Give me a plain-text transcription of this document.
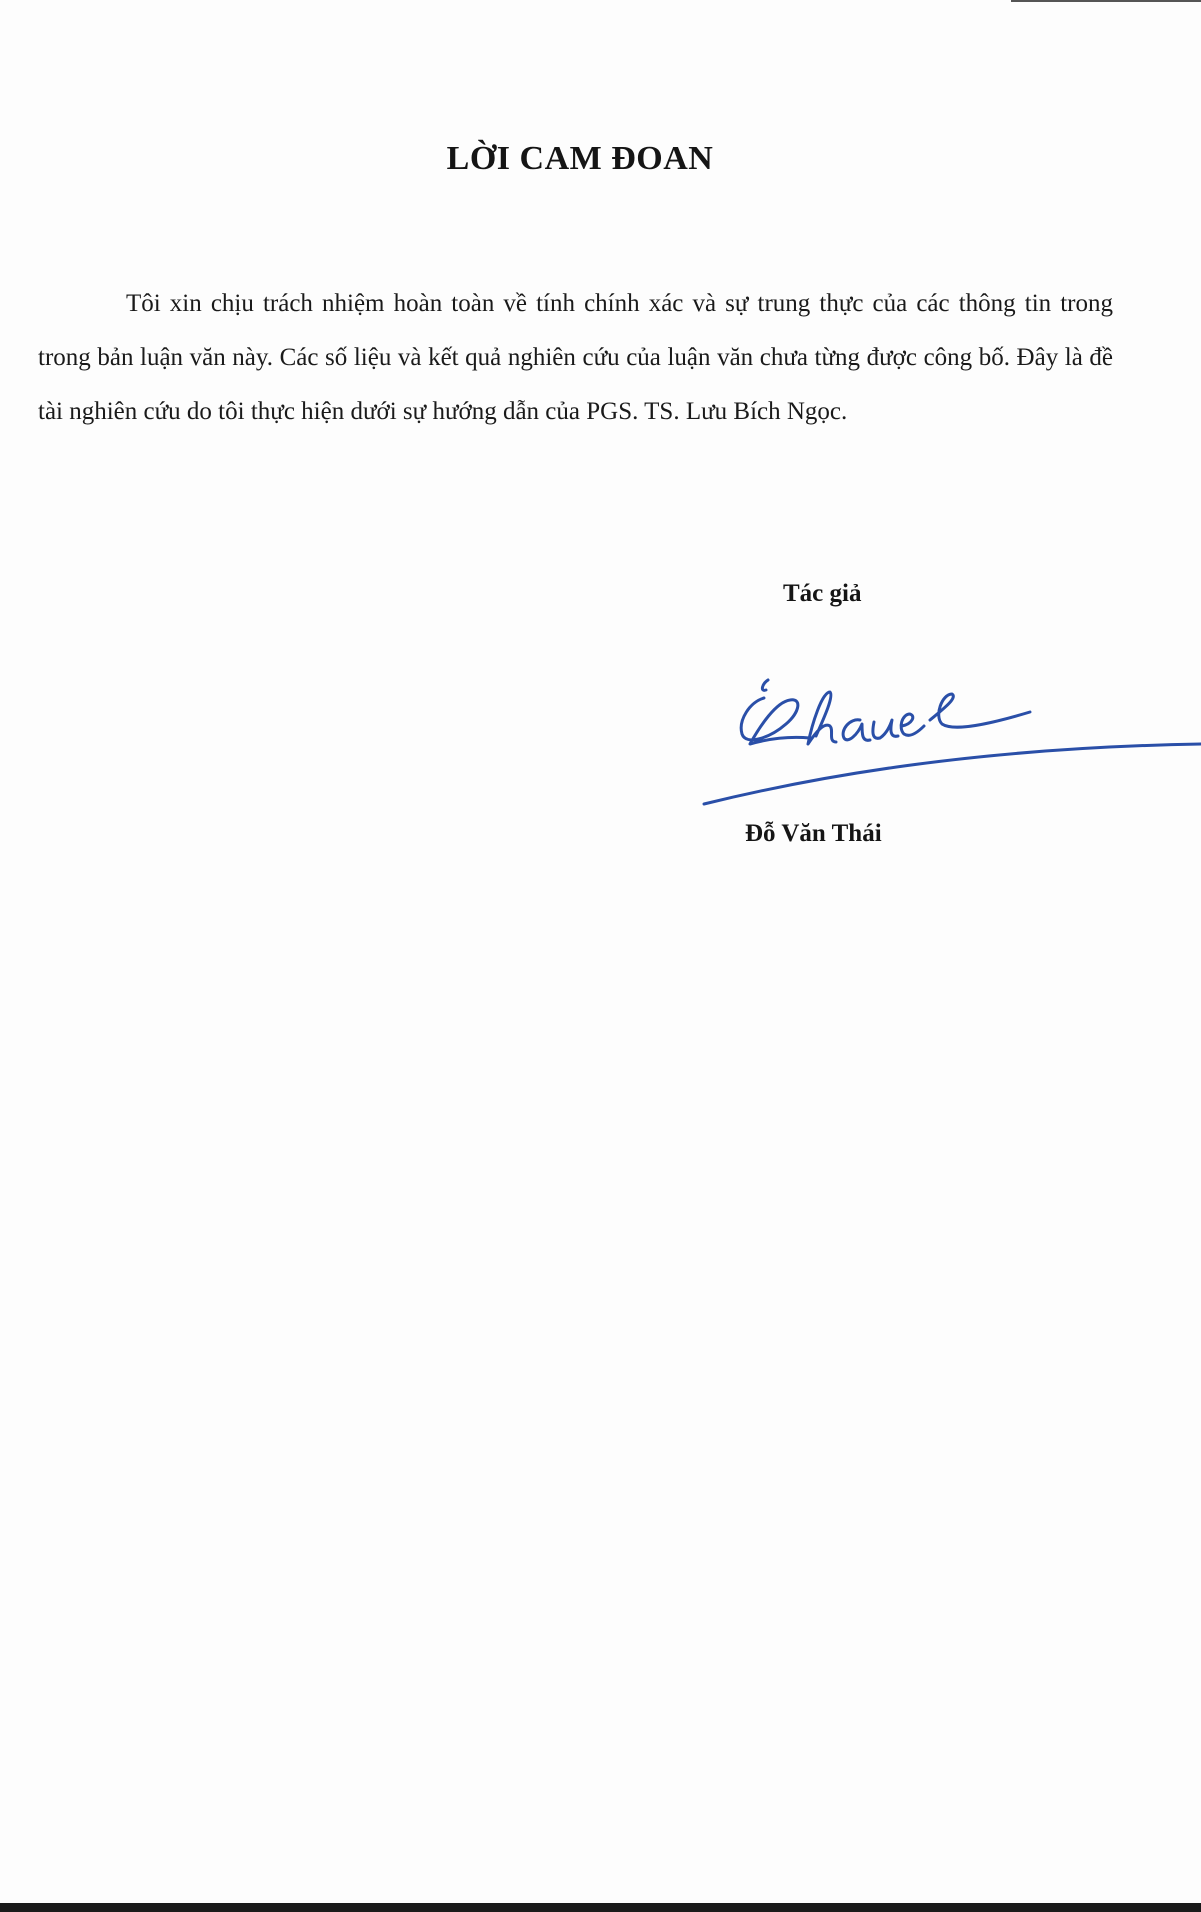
LỜI CAM ĐOAN
Tôi xin chịu trách nhiệm hoàn toàn về tính chính xác và sự trung thực của các thông tin trong trong bản luận văn này. Các số liệu và kết quả nghiên cứu của luận văn chưa từng được công bố. Đây là đề tài nghiên cứu do tôi thực hiện dưới sự hướng dẫn của PGS. TS. Lưu Bích Ngọc.
Tác giả
Đỗ Văn Thái
